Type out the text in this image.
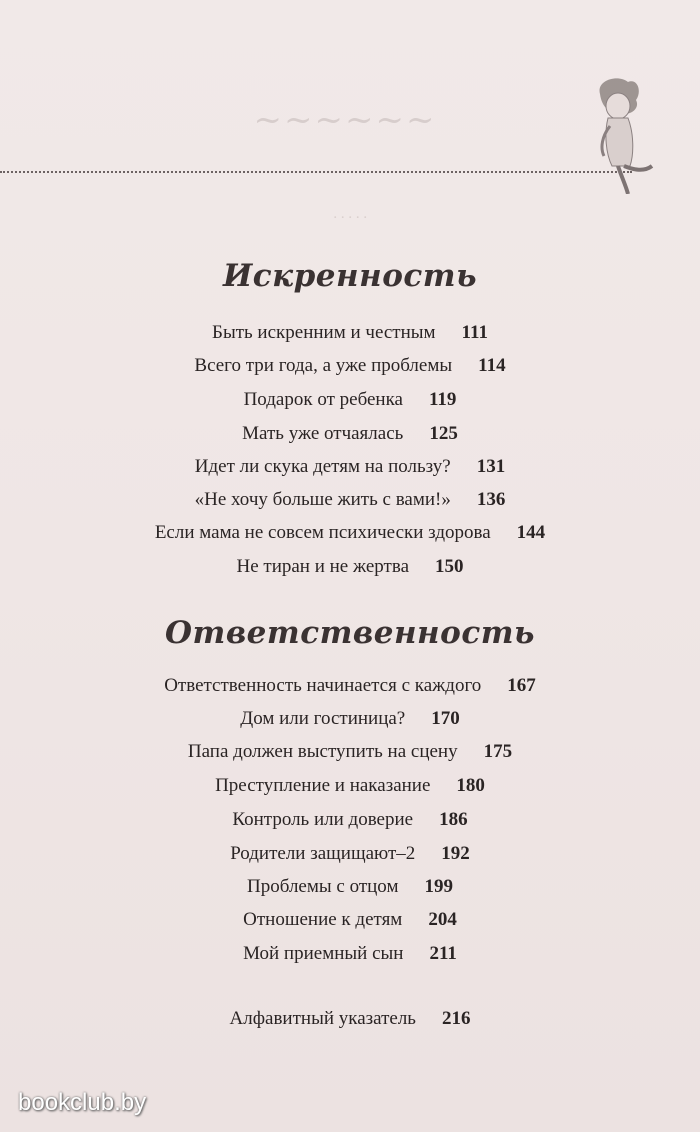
~~~~~~
· · · · ·
Искренность
Быть искренним и честным 111
Всего три года, а уже проблемы 114
Подарок от ребенка 119
Мать уже отчаялась 125
Идет ли скука детям на пользу? 131
«Не хочу больше жить с вами!» 136
Если мама не совсем психически здорова 144
Не тиран и не жертва 150
Ответственность
Ответственность начинается с каждого 167
Дом или гостиница? 170
Папа должен выступить на сцену 175
Преступление и наказание 180
Контроль или доверие 186
Родители защищают–2 192
Проблемы с отцом 199
Отношение к детям 204
Мой приемный сын 211
Алфавитный указатель 216
bookclub.by
